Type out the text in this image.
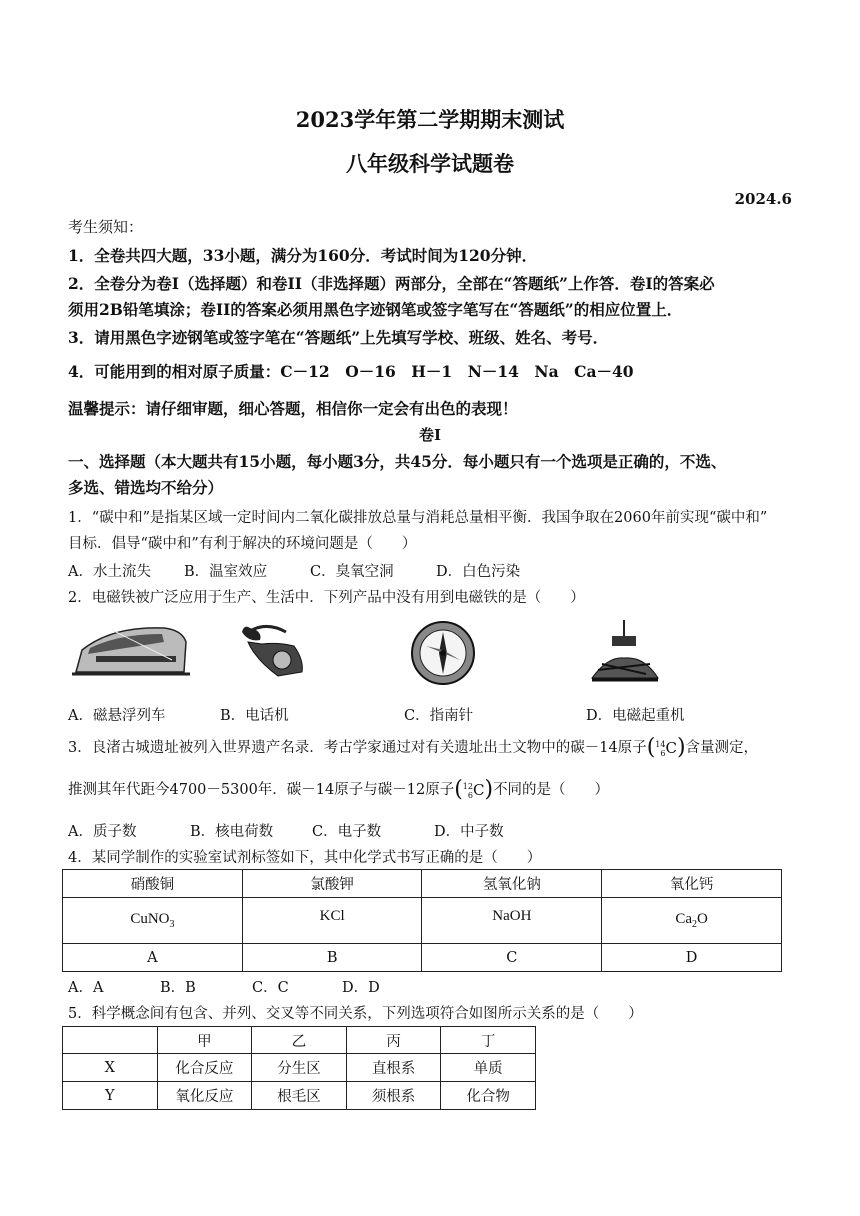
2023学年第二学期期末测试
八年级科学试题卷
2024.6
考生须知：
1．全卷共四大题，33小题，满分为160分．考试时间为120分钟．
2．全卷分为卷I（选择题）和卷II（非选择题）两部分，全部在“答题纸”上作答．卷I的答案必
须用2B铅笔填涂；卷II的答案必须用黑色字迹钢笔或签字笔写在“答题纸”的相应位置上．
3．请用黑色字迹钢笔或签字笔在“答题纸”上先填写学校、班级、姓名、考号．
4．可能用到的相对原子质量：C－12　O－16　H－1　N－14　Na　Ca－40
温馨提示：请仔细审题，细心答题，相信你一定会有出色的表现！
卷I
一、选择题（本大题共有15小题，每小题3分，共45分．每小题只有一个选项是正确的，不选、
多选、错选均不给分）
1．“碳中和”是指某区域一定时间内二氧化碳排放总量与消耗总量相平衡．我国争取在2060年前实现“碳中和”
目标．倡导“碳中和”有利于解决的环境问题是（　　）
A．水土流失 B．温室效应	C．臭氧空洞	D．白色污染
2．电磁铁被广泛应用于生产、生活中．下列产品中没有用到电磁铁的是（　　）
A．磁悬浮列车	B．电话机	C．指南针	D．电磁起重机
3．良渚古城遗址被列入世界遗产名录．考古学家通过对有关遗址出土文物中的碳－14原子( 14
6 C)含量测定，
推测其年代距今4700－5300年．碳－14原子与碳－12原子( 12
6 C)不同的是（　　）
A．质子数	B．核电荷数	C．电子数	D．中子数
4．某同学制作的实验室试剂标签如下，其中化学式书写正确的是（　　）
硝酸铜	氯酸钾	氢氧化钠	氧化钙
CuNO$_3$	KCl	NaOH	$Ca_2O$
A	B	C	D
A．A	B．B	C．C	D．D
5．科学概念间有包含、并列、交叉等不同关系，下列选项符合如图所示关系的是（　　）
	甲	乙	丙	丁
X	化合反应	分生区	直根系	单质
Y	氧化反应	根毛区	须根系	化合物
